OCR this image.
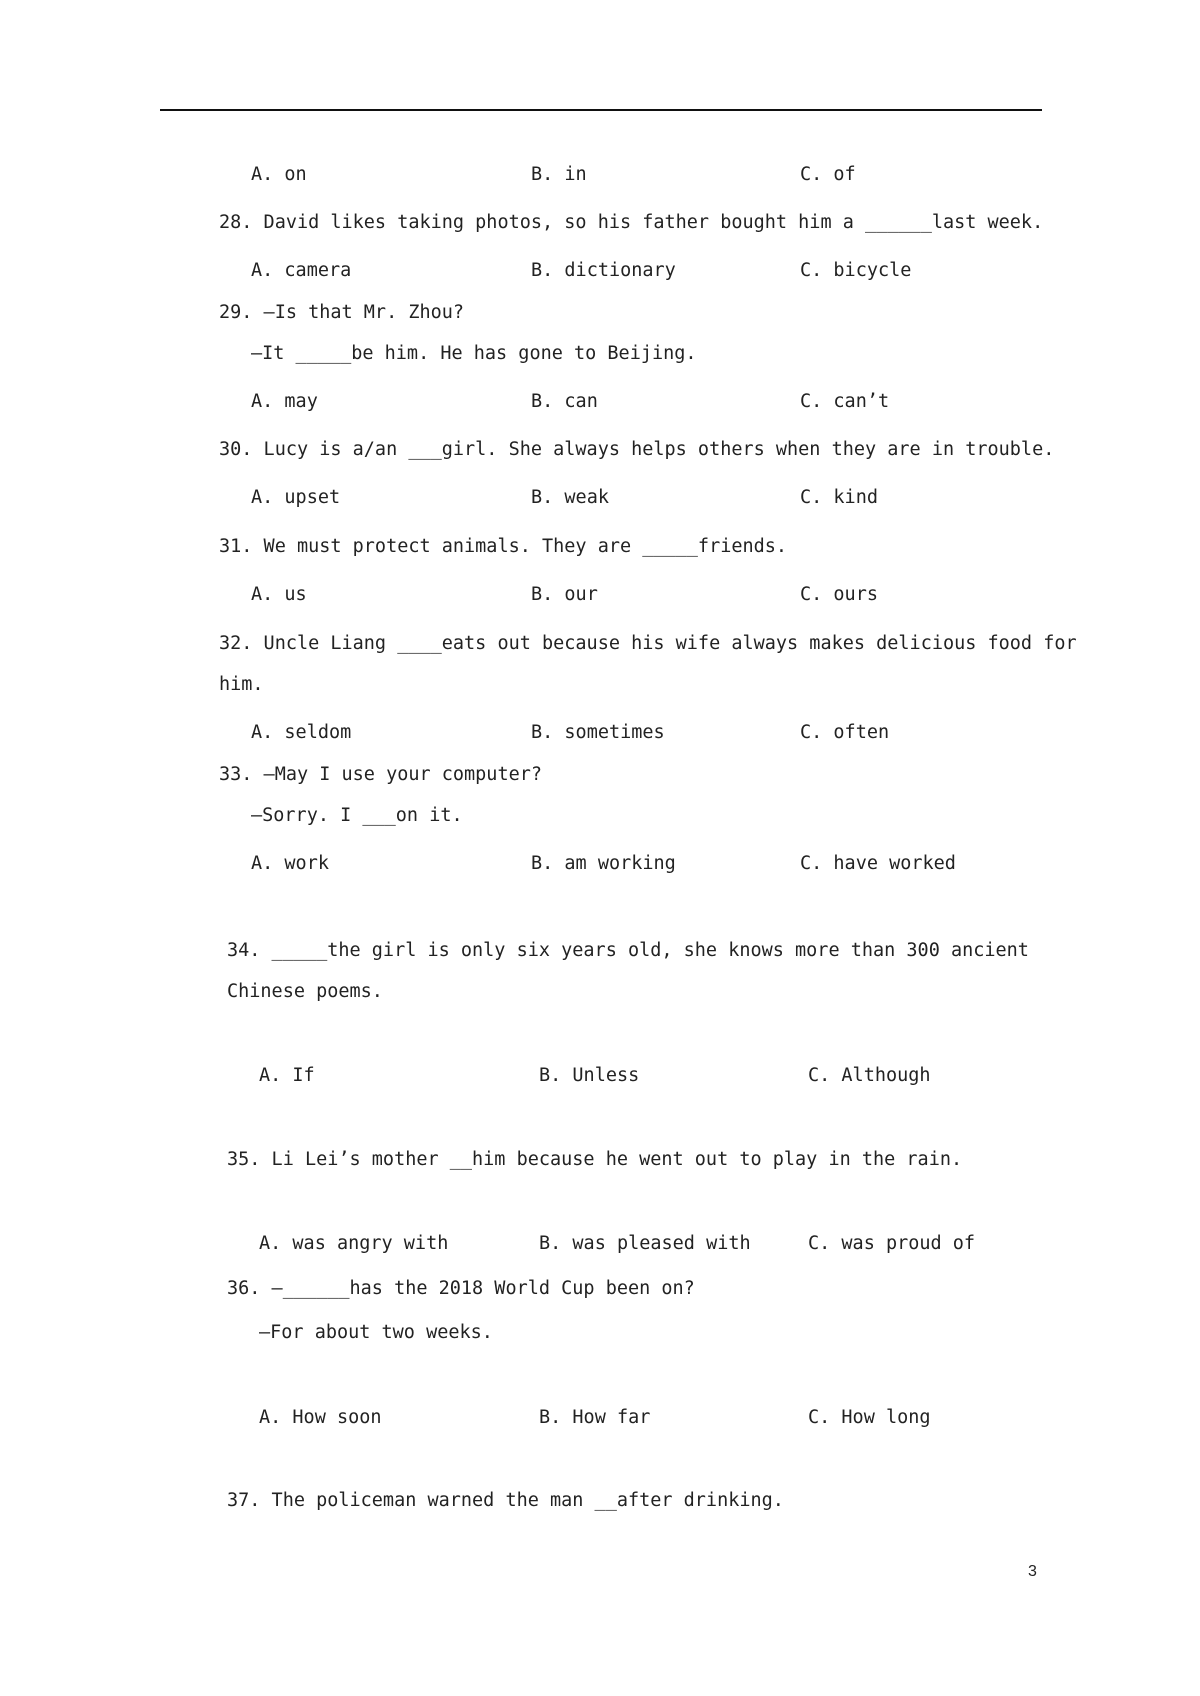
A. on	B. in	C. of
28. David likes taking photos, so his father bought him a ______last week.
A. camera	B. dictionary	C. bicycle
29. —Is that Mr. Zhou?
—It _____be him. He has gone to Beijing.
A. may	B. can	C. can’t
30. Lucy is a/an ___girl. She always helps others when they are in trouble.
A. upset	B. weak	C. kind
31. We must protect animals. They are _____friends.
A. us	B. our	C. ours
32. Uncle Liang ____eats out because his wife always makes delicious food for
him.
A. seldom	B. sometimes	C. often
33. —May I use your computer?
—Sorry. I ___on it.
A. work	B. am working	C. have worked
34. _____the girl is only six years old, she knows more than 300 ancient
Chinese poems.
A. If	B. Unless	C. Although
35. Li Lei’s mother __him because he went out to play in the rain.
A. was angry with	B. was pleased with	C. was proud of
36. —______has the 2018 World Cup been on?
—For about two weeks.
A. How soon	B. How far	C. How long
37. The policeman warned the man __after drinking.
3
